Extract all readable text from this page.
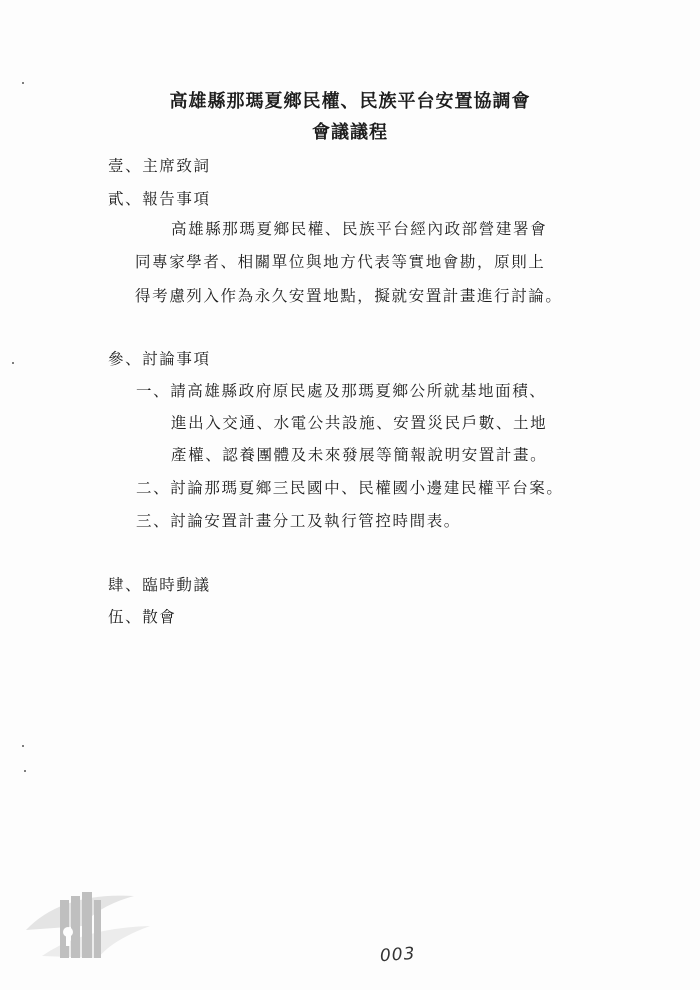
高雄縣那瑪夏鄉民權、民族平台安置協調會
會議議程
壹、主席致詞
貳、報告事項
高雄縣那瑪夏鄉民權、民族平台經內政部營建署會
同專家學者、相關單位與地方代表等實地會勘，原則上
得考慮列入作為永久安置地點，擬就安置計畫進行討論。
參、討論事項
一、請高雄縣政府原民處及那瑪夏鄉公所就基地面積、
進出入交通、水電公共設施、安置災民戶數、土地
產權、認養團體及未來發展等簡報說明安置計畫。
二、討論那瑪夏鄉三民國中、民權國小邊建民權平台案。
三、討論安置計畫分工及執行管控時間表。
肆、臨時動議
伍、散會
003
